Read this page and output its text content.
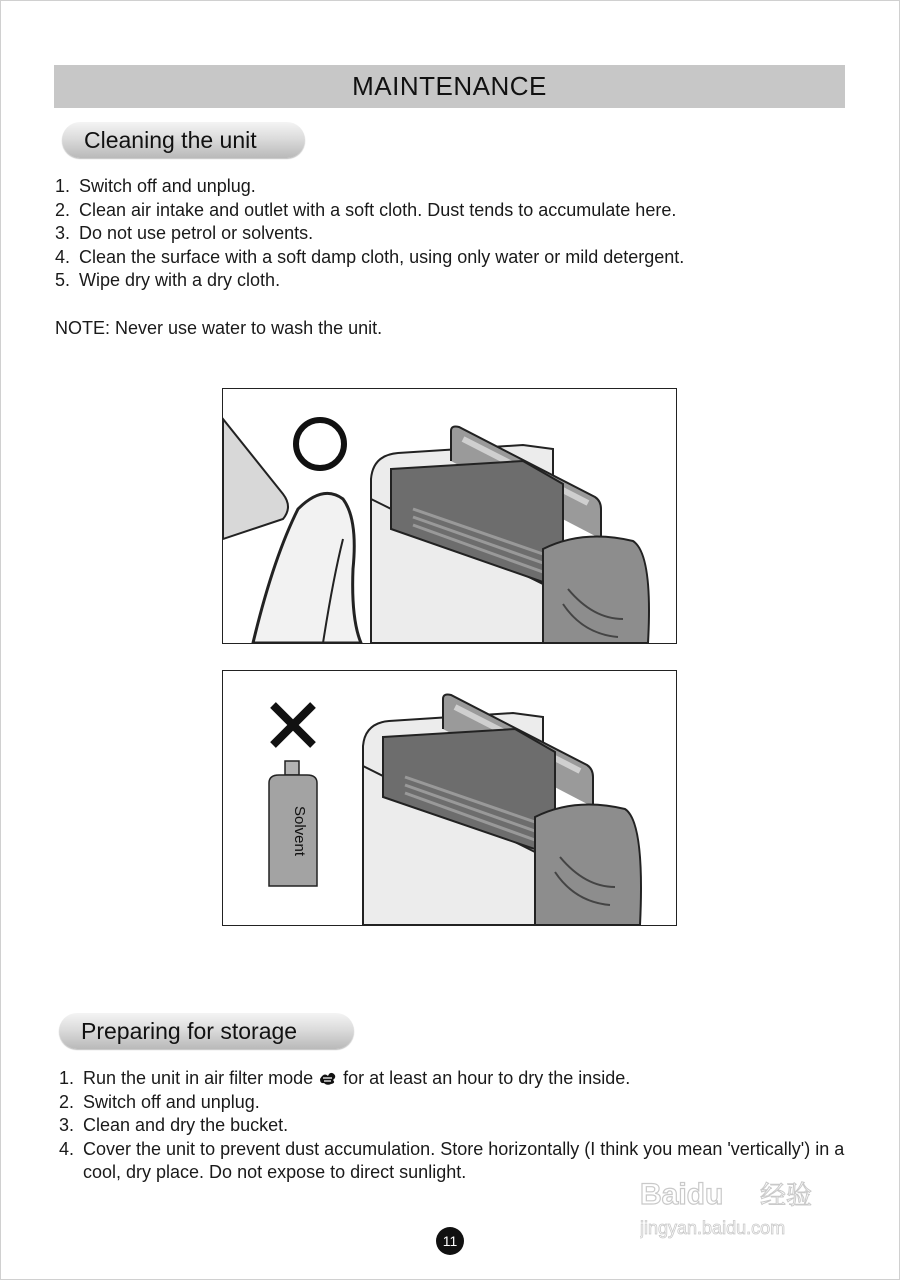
MAINTENANCE
Cleaning the unit
1. Switch off and unplug.
2. Clean air intake and outlet with a soft cloth. Dust tends to accumulate here.
3. Do not use petrol or solvents.
4. Clean the surface with a soft damp cloth, using only water or mild detergent.
5. Wipe dry with a dry cloth.
NOTE: Never use water to wash the unit.
Solvent
Preparing for storage
1. Run the unit in air filter mode  for at least an hour to dry the inside.
2. Switch off and unplug.
3. Clean and dry the bucket.
4. Cover the unit to prevent dust accumulation. Store horizontally (I think you mean 'vertically') in a cool, dry place. Do not expose to direct sunlight.
11
Baidu 经验
jingyan.baidu.com
